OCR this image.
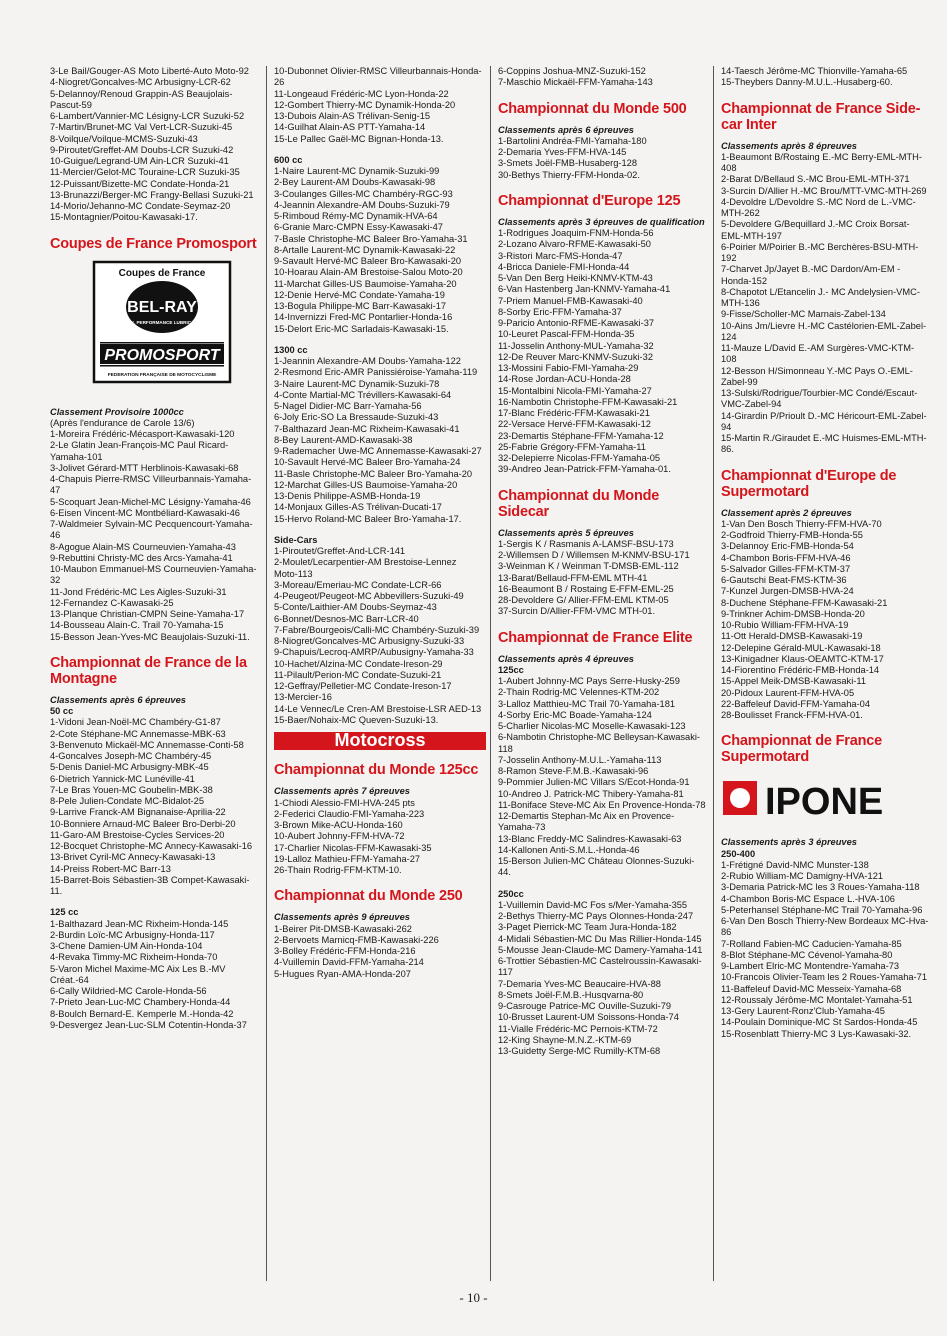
3-Le Bail/Gouger-AS Moto Liberté-Auto Moto-92
4-Niogret/Goncalves-MC Arbusigny-LCR-62
5-Delannoy/Renoud Grappin-AS Beaujolais-Pascut-59
6-Lambert/Vannier-MC Lésigny-LCR Suzuki-52
7-Martin/Brunet-MC Val Vert-LCR-Suzuki-45
8-Voilque/Voilque-MCMS-Suzuki-43
9-Piroutet/Greffet-AM Doubs-LCR Suzuki-42
10-Guigue/Legrand-UM Ain-LCR Suzuki-41
11-Mercier/Gelot-MC Touraine-LCR Suzuki-35
12-Puissant/Bizette-MC Condate-Honda-21
13-Brunazzi/Berger-MC Frangy-Bellasi Suzuki-21
14-Morio/Jehanno-MC Condate-Seymaz-20
15-Montagnier/Poitou-Kawasaki-17.
Coupes de France Promosport
Coupes de France
BEL-RAY
TOTAL PERFORMANCE LUBRICANTS
PROMOSPORT
FEDERATION FRANÇAISE DE MOTOCYCLISME
Classement Provisoire 1000cc
(Après l'endurance de Carole 13/6)
1-Moreira Frédéric-Mécasport-Kawasaki-120
2-Le Glatin Jean-François-MC Paul Ricard-Yamaha-101
3-Jolivet Gérard-MTT Herblinois-Kawasaki-68
4-Chapuis Pierre-RMSC Villeurbannais-Yamaha-47
5-Scoquart Jean-Michel-MC Lésigny-Yamaha-46
6-Eisen Vincent-MC Montbéliard-Kawasaki-46
7-Waldmeier Sylvain-MC Pecquencourt-Yamaha-46
8-Agogue Alain-MS Courneuvien-Yamaha-43
9-Rebuttini Christy-MC des Arcs-Yamaha-41
10-Maubon Emmanuel-MS Courneuvien-Yamaha-32
11-Jond Frédéric-MC Les Aigles-Suzuki-31
12-Fernandez C-Kawasaki-25
13-Planque Christian-CMPN Seine-Yamaha-17
14-Bousseau Alain-C. Trail 70-Yamaha-15
15-Besson Jean-Yves-MC Beaujolais-Suzuki-11.
Championnat de France de la Montagne
Classements après 6 épreuves
50 cc
1-Vidoni Jean-Noël-MC Chambéry-G1-87
2-Cote Stéphane-MC Annemasse-MBK-63
3-Benvenuto Mickaël-MC Annemasse-Conti-58
4-Goncalves Joseph-MC Chambéry-45
5-Denis Daniel-MC Arbusigny-MBK-45
6-Dietrich Yannick-MC Lunéville-41
7-Le Bras Youen-MC Goubelin-MBK-38
8-Pele Julien-Condate MC-Bidalot-25
9-Larrive Franck-AM Bignanaise-Aprilia-22
10-Bonniere Arnaud-MC Baleer Bro-Derbi-20
11-Garo-AM Brestoise-Cycles Services-20
12-Bocquet Christophe-MC Annecy-Kawasaki-16
13-Brivet Cyril-MC Annecy-Kawasaki-13
14-Preiss Robert-MC Barr-13
15-Barret-Bois Sébastien-3B Compet-Kawasaki-11.
125 cc
1-Balthazard Jean-MC Rixheim-Honda-145
2-Burdin Loïc-MC Arbusigny-Honda-117
3-Chene Damien-UM Ain-Honda-104
4-Revaka Timmy-MC Rixheim-Honda-70
5-Varon Michel Maxime-MC Aix Les B.-MV Créat.-64
6-Cally Wildried-MC Carole-Honda-56
7-Prieto Jean-Luc-MC Chambery-Honda-44
8-Boulch Bernard-E. Kemperle M.-Honda-42
9-Desvergez Jean-Luc-SLM Cotentin-Honda-37
10-Dubonnet Olivier-RMSC Villeurbannais-Honda-26
11-Longeaud Frédéric-MC Lyon-Honda-22
12-Gombert Thierry-MC Dynamik-Honda-20
13-Dubois Alain-AS Trélivan-Senig-15
14-Guilhat Alain-AS PTT-Yamaha-14
15-Le Pallec Gaël-MC Bignan-Honda-13.
600 cc
1-Naire Laurent-MC Dynamik-Suzuki-99
2-Bey Laurent-AM Doubs-Kawasaki-98
3-Coulanges Gilles-MC Chambéry-RGC-93
4-Jeannin Alexandre-AM Doubs-Suzuki-79
5-Rimboud Rémy-MC Dynamik-HVA-64
6-Granie Marc-CMPN Essy-Kawasaki-47
7-Basle Christophe-MC Baleer Bro-Yamaha-31
8-Artalle Laurent-MC Dynamik-Kawasaki-22
9-Savault Hervé-MC Baleer Bro-Kawasaki-20
10-Hoarau Alain-AM Brestoise-Salou Moto-20
11-Marchat Gilles-US Baumoise-Yamaha-20
12-Denie Hervé-MC Condate-Yamaha-19
13-Bogula Philippe-MC Barr-Kawasaki-17
14-Invernizzi Fred-MC Pontarlier-Honda-16
15-Delort Eric-MC Sarladais-Kawasaki-15.
1300 cc
1-Jeannin Alexandre-AM Doubs-Yamaha-122
2-Resmond Eric-AMR Panissiéroise-Yamaha-119
3-Naire Laurent-MC Dynamik-Suzuki-78
4-Conte Martial-MC Trévillers-Kawasaki-64
5-Nagel Didier-MC Barr-Yamaha-56
6-Joly Eric-SO La Bressaude-Suzuki-43
7-Balthazard Jean-MC Rixheim-Kawasaki-41
8-Bey Laurent-AMD-Kawasaki-38
9-Rademacher Uwe-MC Annemasse-Kawasaki-27
10-Savault Hervé-MC Baleer Bro-Yamaha-24
11-Basle Christophe-MC Baleer Bro-Yamaha-20
12-Marchat Gilles-US Baumoise-Yamaha-20
13-Denis Philippe-ASMB-Honda-19
14-Monjaux Gilles-AS Trélivan-Ducati-17
15-Hervo Roland-MC Baleer Bro-Yamaha-17.
Side-Cars
1-Piroutet/Greffet-And-LCR-141
2-Moulet/Lecarpentier-AM Brestoise-Lennez Moto-113
3-Moreau/Emeriau-MC Condate-LCR-66
4-Peugeot/Peugeot-MC Abbevillers-Suzuki-49
5-Conte/Laithier-AM Doubs-Seymaz-43
6-Bonnet/Desnos-MC Barr-LCR-40
7-Fabre/Bourgeois/Calli-MC Chambéry-Suzuki-39
8-Niogret/Goncalves-MC Arbusigny-Suzuki-33
9-Chapuis/Lecroq-AMRP/Aubusigny-Yamaha-33
10-Hachet/Alzina-MC Condate-Ireson-29
11-Pilault/Perion-MC Condate-Suzuki-21
12-Geffray/Pelletier-MC Condate-Ireson-17
13-Mercier-16
14-Le Vennec/Le Cren-AM Brestoise-LSR AED-13
15-Baer/Nohaix-MC Queven-Suzuki-13.
Motocross
Championnat du Monde 125cc
Classements après 7 épreuves
1-Chiodi Alessio-FMI-HVA-245 pts
2-Federici Claudio-FMI-Yamaha-223
3-Brown Mike-ACU-Honda-160
10-Aubert Johnny-FFM-HVA-72
17-Charlier Nicolas-FFM-Kawasaki-35
19-Lalloz Mathieu-FFM-Yamaha-27
26-Thain Rodrig-FFM-KTM-10.
Championnat du Monde 250
Classements après 9 épreuves
1-Beirer Pit-DMSB-Kawasaki-262
2-Bervoets Marnicq-FMB-Kawasaki-226
3-Bolley Frédéric-FFM-Honda-216
4-Vuillemin David-FFM-Yamaha-214
5-Hugues Ryan-AMA-Honda-207
6-Coppins Joshua-MNZ-Suzuki-152
7-Maschio Mickaël-FFM-Yamaha-143
Championnat du Monde 500
Classements après 6 épreuves
1-Bartolini Andréa-FMI-Yamaha-180
2-Demaria Yves-FFM-HVA-145
3-Smets Joël-FMB-Husaberg-128
30-Bethys Thierry-FFM-Honda-02.
Championnat d'Europe 125
Classements après 3 épreuves de qualification
1-Rodrigues Joaquim-FNM-Honda-56
2-Lozano Alvaro-RFME-Kawasaki-50
3-Ristori Marc-FMS-Honda-47
4-Bricca Daniele-FMI-Honda-44
5-Van Den Berg Heiki-KNMV-KTM-43
6-Van Hastenberg Jan-KNMV-Yamaha-41
7-Priem Manuel-FMB-Kawasaki-40
8-Sorby Eric-FFM-Yamaha-37
9-Paricio Antonio-RFME-Kawasaki-37
10-Leuret Pascal-FFM-Honda-35
11-Josselin Anthony-MUL-Yamaha-32
12-De Reuver Marc-KNMV-Suzuki-32
13-Mossini Fabio-FMI-Yamaha-29
14-Rose Jordan-ACU-Honda-28
15-Montalbini Nicola-FMI-Yamaha-27
16-Nambotin Christophe-FFM-Kawasaki-21
17-Blanc Frédéric-FFM-Kawasaki-21
22-Versace Hervé-FFM-Kawasaki-12
23-Demartis Stéphane-FFM-Yamaha-12
25-Fabrie Grégory-FFM-Yamaha-11
32-Delepierre Nicolas-FFM-Yamaha-05
39-Andreo Jean-Patrick-FFM-Yamaha-01.
Championnat du Monde Sidecar
Classements après 5 épreuves
1-Sergis K / Rasmanis A-LAMSF-BSU-173
2-Willemsen D / Willemsen M-KNMV-BSU-171
3-Weinman K / Weinman T-DMSB-EML-112
13-Barat/Bellaud-FFM-EML MTH-41
16-Beaumont B / Rostaing E-FFM-EML-25
28-Devoldere G/ Allier-FFM-EML KTM-05
37-Surcin D/Allier-FFM-VMC MTH-01.
Championnat de France Elite
Classements après 4 épreuves
125cc
1-Aubert Johnny-MC Pays Serre-Husky-259
2-Thain Rodrig-MC Velennes-KTM-202
3-Lalloz Matthieu-MC Trail 70-Yamaha-181
4-Sorby Eric-MC Boade-Yamaha-124
5-Charlier Nicolas-MC Moselle-Kawasaki-123
6-Nambotin Christophe-MC Belleysan-Kawasaki-118
7-Josselin Anthony-M.U.L.-Yamaha-113
8-Ramon Steve-F.M.B.-Kawasaki-96
9-Pommier Julien-MC Villars S/Ecot-Honda-91
10-Andreo J. Patrick-MC Thibery-Yamaha-81
11-Boniface Steve-MC Aix En Provence-Honda-78
12-Demartis Stephan-Mc Aix en Provence-Yamaha-73
13-Blanc Freddy-MC Salindres-Kawasaki-63
14-Kallonen Anti-S.M.L.-Honda-46
15-Berson Julien-MC Château Olonnes-Suzuki-44.
250cc
1-Vuillemin David-MC Fos s/Mer-Yamaha-355
2-Bethys Thierry-MC Pays Olonnes-Honda-247
3-Paget Pierrick-MC Team Jura-Honda-182
4-Midali Sébastien-MC Du Mas Rillier-Honda-145
5-Mousse Jean-Claude-MC Damery-Yamaha-141
6-Trottier Sébastien-MC Castelroussin-Kawasaki-117
7-Demaria Yves-MC Beaucaire-HVA-88
8-Smets Joël-F.M.B.-Husqvarna-80
9-Casrouge Patrice-MC Ouville-Suzuki-79
10-Brusset Laurent-UM Soissons-Honda-74
11-Vialle Frédéric-MC Pernois-KTM-72
12-King Shayne-M.N.Z.-KTM-69
13-Guidetty Serge-MC Rumilly-KTM-68
14-Taesch Jérôme-MC Thionville-Yamaha-65
15-Theybers Danny-M.U.L.-Husaberg-60.
Championnat de France Side-car Inter
Classements après 8 épreuves
1-Beaumont B/Rostaing E.-MC Berry-EML-MTH-408
2-Barat D/Bellaud S.-MC Brou-EML-MTH-371
3-Surcin D/Allier H.-MC Brou/MTT-VMC-MTH-269
4-Devoldre L/Devoldre S.-MC Nord de L.-VMC- MTH-262
5-Devoldere G/Bequillard J.-MC Croix Borsat-EML-MTH-197
6-Poirier M/Poirier B.-MC Berchères-BSU-MTH-192
7-Charvet Jp/Jayet B.-MC Dardon/Am-EM - Honda-152
8-Chapotot L/Etancelin J.- MC Andelysien-VMC-MTH-136
9-Fisse/Scholler-MC Marnais-Zabel-134
10-Ains Jm/Lievre H.-MC Castélorien-EML-Zabel-124
11-Mauze L/David E.-AM Surgères-VMC-KTM-108
12-Besson H/Simonneau Y.-MC Pays O.-EML-Zabel-99
13-Sulski/Rodrigue/Tourbier-MC Condé/Escaut-VMC-Zabel-94
14-Girardin P/Prioult D.-MC Héricourt-EML-Zabel-94
15-Martin R./Giraudet E.-MC Huismes-EML-MTH-86.
Championnat d'Europe de Supermotard
Classement après 2 épreuves
1-Van Den Bosch Thierry-FFM-HVA-70
2-Godfroid Thierry-FMB-Honda-55
3-Delannoy Eric-FMB-Honda-54
4-Chambon Boris-FFM-HVA-46
5-Salvador Gilles-FFM-KTM-37
6-Gautschi Beat-FMS-KTM-36
7-Kunzel Jurgen-DMSB-HVA-24
8-Duchene Stéphane-FFM-Kawasaki-21
9-Trinkner Achim-DMSB-Honda-20
10-Rubio William-FFM-HVA-19
11-Ott Herald-DMSB-Kawasaki-19
12-Delepine Gérald-MUL-Kawasaki-18
13-Kinigadner Klaus-OEAMTC-KTM-17
14-Fiorentino Frédéric-FMB-Honda-14
15-Appel Meik-DMSB-Kawasaki-11
20-Pidoux Laurent-FFM-HVA-05
22-Baffeleuf David-FFM-Yamaha-04
28-Boulisset Franck-FFM-HVA-01.
Championnat de France Supermotard
IPONE
Classements après 3 épreuves
250-400
1-Frétigné David-NMC Munster-138
2-Rubio William-MC Damigny-HVA-121
3-Demaria Patrick-MC les 3 Roues-Yamaha-118
4-Chambon Boris-MC Espace L.-HVA-106
5-Peterhansel Stéphane-MC Trail 70-Yamaha-96
6-Van Den Bosch Thierry-New Bordeaux MC-Hva-86
7-Rolland Fabien-MC Caducien-Yamaha-85
8-Blot Stéphane-MC Cévenol-Yamaha-80
9-Lambert Elric-MC Montendre-Yamaha-73
10-Francois Olivier-Team les 2 Roues-Yamaha-71
11-Baffeleuf David-MC Messeix-Yamaha-68
12-Roussaly Jérôme-MC Montalet-Yamaha-51
13-Gery Laurent-Ronz'Club-Yamaha-45
14-Poulain Dominique-MC St Sardos-Honda-45
15-Rosenblatt Thierry-MC 3 Lys-Kawasaki-32.
- 10 -
